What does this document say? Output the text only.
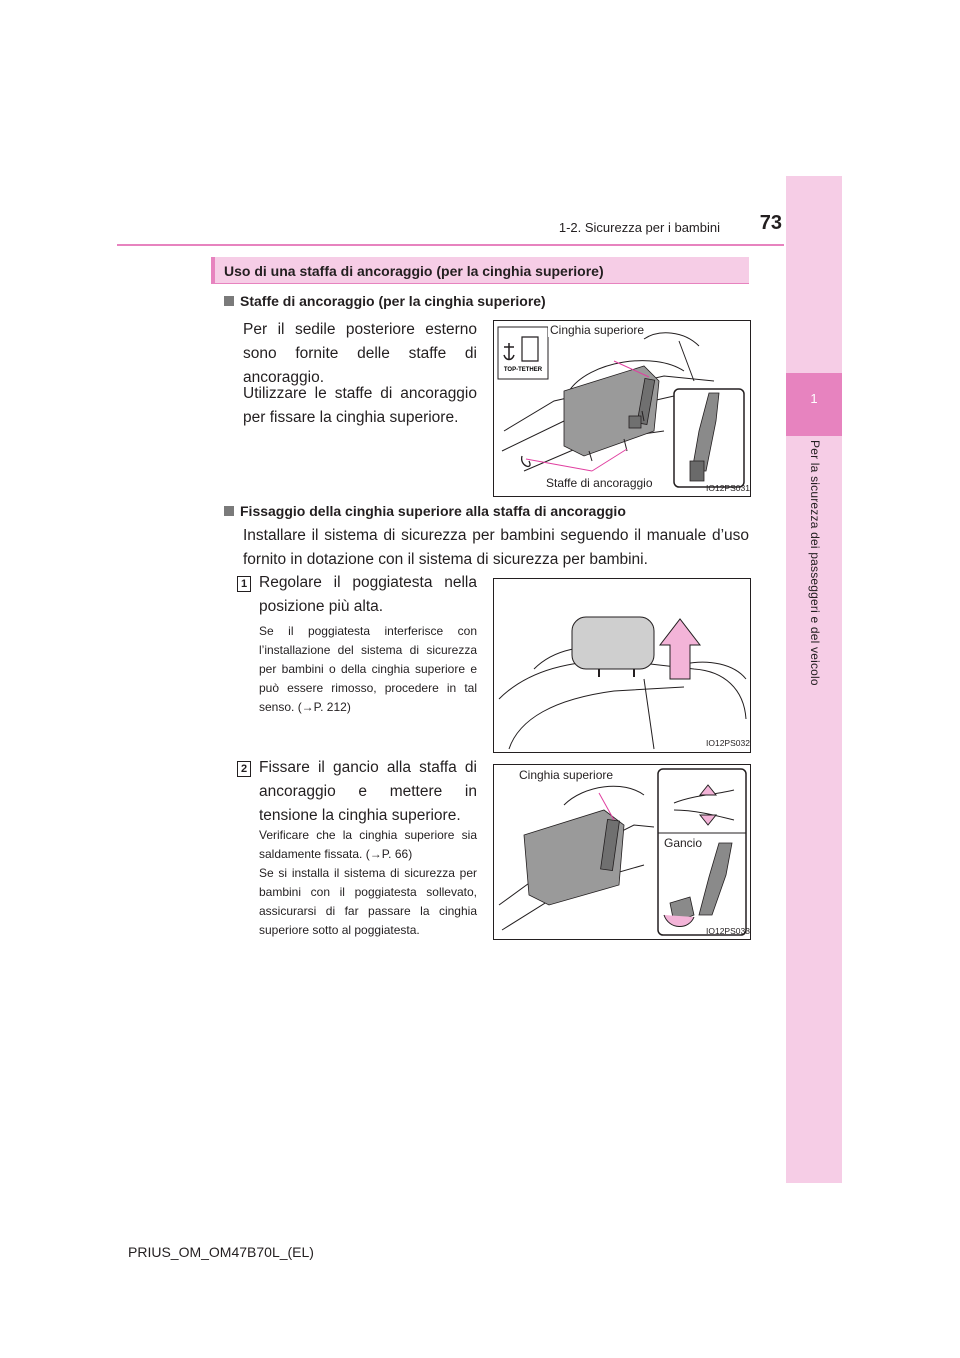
1
Per la sicurezza dei passeggeri e del veicolo
1-2. Sicurezza per i bambini	73
Uso di una staffa di ancoraggio (per la cinghia superiore)
Staffe di ancoraggio (per la cinghia superiore)
Per il sedile posteriore esterno sono fornite delle staffe di ancoraggio.
Utilizzare le staffe di ancoraggio per fissare la cinghia superiore.
TOP-TETHER
Cinghia superiore
Staffe di ancoraggio	IO12PS031
Fissaggio della cinghia superiore alla staffa di ancoraggio
Installare il sistema di sicurezza per bambini seguendo il manuale d’uso fornito in dotazione con il sistema di sicurezza per bambini.
1 Regolare il poggiatesta nella posizione più alta.
Se il poggiatesta interferisce con l’installazione del sistema di sicurezza per bambini o della cinghia superiore e può essere rimosso, procedere in tal senso. (→P. 212)
IO12PS032
2 Fissare il gancio alla staffa di ancoraggio e mettere in tensione la cinghia superiore.
Verificare che la cinghia superiore sia saldamente fissata. (→P. 66)
Se si installa il sistema di sicurezza per bambini con il poggiatesta sollevato, assicurarsi di far passare la cinghia superiore sotto al poggiatesta.
Cinghia superiore
Gancio
IO12PS033
PRIUS_OM_OM47B70L_(EL)
